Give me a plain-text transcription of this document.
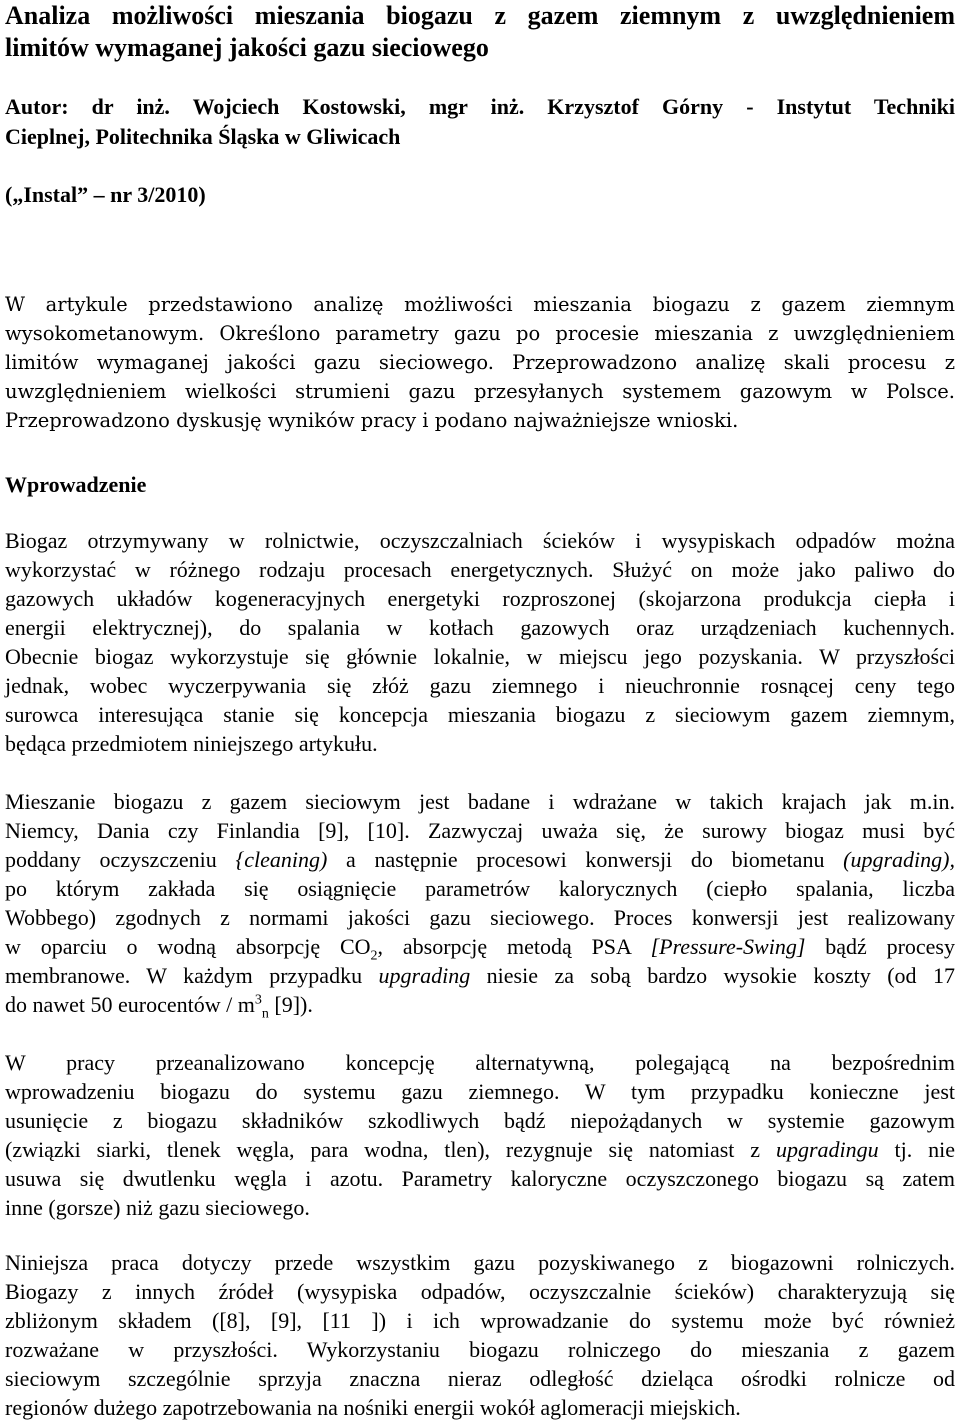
Analiza możliwości mieszania biogazu z gazem ziemnym z uwzględnieniem
limitów wymaganej jakości gazu sieciowego
Autor: dr inż. Wojciech Kostowski, mgr inż. Krzysztof Górny - Instytut Techniki
Cieplnej, Politechnika Śląska w Gliwicach
(„Instal” – nr 3/2010)
W artykule przedstawiono analizę możliwości mieszania biogazu z gazem ziemnym
wysokometanowym. Określono parametry gazu po procesie mieszania z uwzględnieniem
limitów wymaganej jakości gazu sieciowego. Przeprowadzono analizę skali procesu z
uwzględnieniem wielkości strumieni gazu przesyłanych systemem gazowym w Polsce.
Przeprowadzono dyskusję wyników pracy i podano najważniejsze wnioski.
Wprowadzenie
Biogaz otrzymywany w rolnictwie, oczyszczalniach ścieków i wysypiskach odpadów można
wykorzystać w różnego rodzaju procesach energetycznych. Służyć on może jako paliwo do
gazowych układów kogeneracyjnych energetyki rozproszonej (skojarzona produkcja ciepła i
energii elektrycznej), do spalania w kotłach gazowych oraz urządzeniach kuchennych.
Obecnie biogaz wykorzystuje się głównie lokalnie, w miejscu jego pozyskania. W przyszłości
jednak, wobec wyczerpywania się złóż gazu ziemnego i nieuchronnie rosnącej ceny tego
surowca interesująca stanie się koncepcja mieszania biogazu z sieciowym gazem ziemnym,
będąca przedmiotem niniejszego artykułu.
Mieszanie biogazu z gazem sieciowym jest badane i wdrażane w takich krajach jak m.in.
Niemcy, Dania czy Finlandia [9], [10]. Zazwyczaj uważa się, że surowy biogaz musi być
poddany oczyszczeniu {cleaning) a następnie procesowi konwersji do biometanu (upgrading),
po którym zakłada się osiągnięcie parametrów kalorycznych (ciepło spalania, liczba
Wobbego) zgodnych z normami jakości gazu sieciowego. Proces konwersji jest realizowany
w oparciu o wodną absorpcję $CO_2$, absorpcję metodą PSA [Pressure-Swing] bądź procesy
membranowe. W każdym przypadku upgrading niesie za sobą bardzo wysokie koszty (od 17
do nawet 50 eurocentów / $m^3_n$ [9]).
W pracy przeanalizowano koncepcję alternatywną, polegającą na bezpośrednim
wprowadzeniu biogazu do systemu gazu ziemnego. W tym przypadku konieczne jest
usunięcie z biogazu składników szkodliwych bądź niepożądanych w systemie gazowym
(związki siarki, tlenek węgla, para wodna, tlen), rezygnuje się natomiast z upgradingu tj. nie
usuwa się dwutlenku węgla i azotu. Parametry kaloryczne oczyszczonego biogazu są zatem
inne (gorsze) niż gazu sieciowego.
Niniejsza praca dotyczy przede wszystkim gazu pozyskiwanego z biogazowni rolniczych.
Biogazy z innych źródeł (wysypiska odpadów, oczyszczalnie ścieków) charakteryzują się
zbliżonym składem ([8], [9], [11 ]) i ich wprowadzanie do systemu może być również
rozważane w przyszłości. Wykorzystaniu biogazu rolniczego do mieszania z gazem
sieciowym szczególnie sprzyja znaczna nieraz odległość dzieląca ośrodki rolnicze od
regionów dużego zapotrzebowania na nośniki energii wokół aglomeracji miejskich.
